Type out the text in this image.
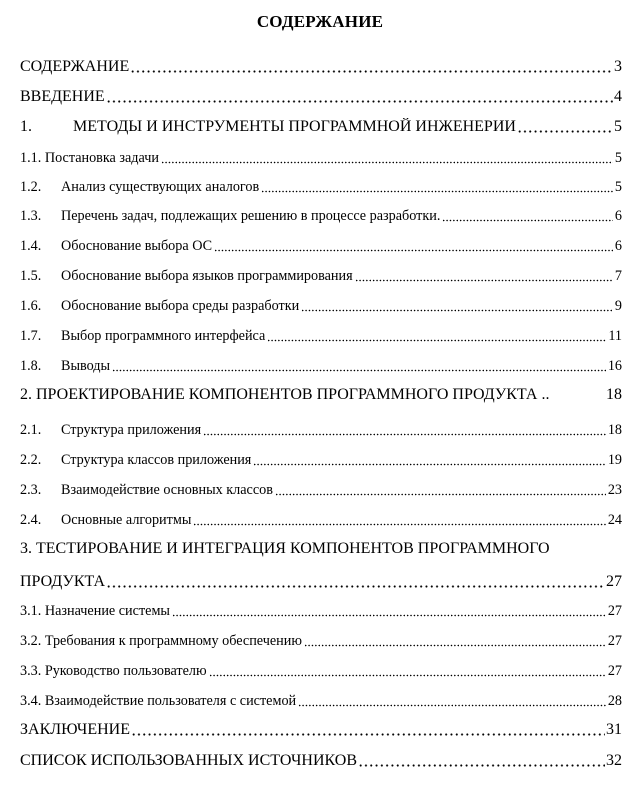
СОДЕРЖАНИЕ
СОДЕРЖАНИЕ	3
ВВЕДЕНИЕ	4
1.	МЕТОДЫ И ИНСТРУМЕНТЫ ПРОГРАММНОЙ ИНЖЕНЕРИИ	5
1.1. Постановка задачи	5
1.2.	Анализ существующих аналогов	5
1.3.	Перечень задач, подлежащих решению в процессе разработки.	6
1.4.	Обоснование выбора ОС	6
1.5.	Обоснование выбора языков программирования	7
1.6.	Обоснование выбора среды разработки	9
1.7.	Выбор программного интерфейса	11
1.8.	Выводы	16
2. ПРОЕКТИРОВАНИЕ КОМПОНЕНТОВ ПРОГРАММНОГО ПРОДУКТА ..	18
2.1.	Структура приложения	18
2.2.	Структура классов приложения	19
2.3.	Взаимодействие основных классов	23
2.4.	Основные алгоритмы	24
3. ТЕСТИРОВАНИЕ И ИНТЕГРАЦИЯ КОМПОНЕНТОВ ПРОГРАММНОГО
ПРОДУКТА	27
3.1. Назначение системы	27
3.2. Требования к программному обеспечению	27
3.3. Руководство пользователю	27
3.4. Взаимодействие пользователя с системой	28
ЗАКЛЮЧЕНИЕ	31
СПИСОК ИСПОЛЬЗОВАННЫХ ИСТОЧНИКОВ	32
